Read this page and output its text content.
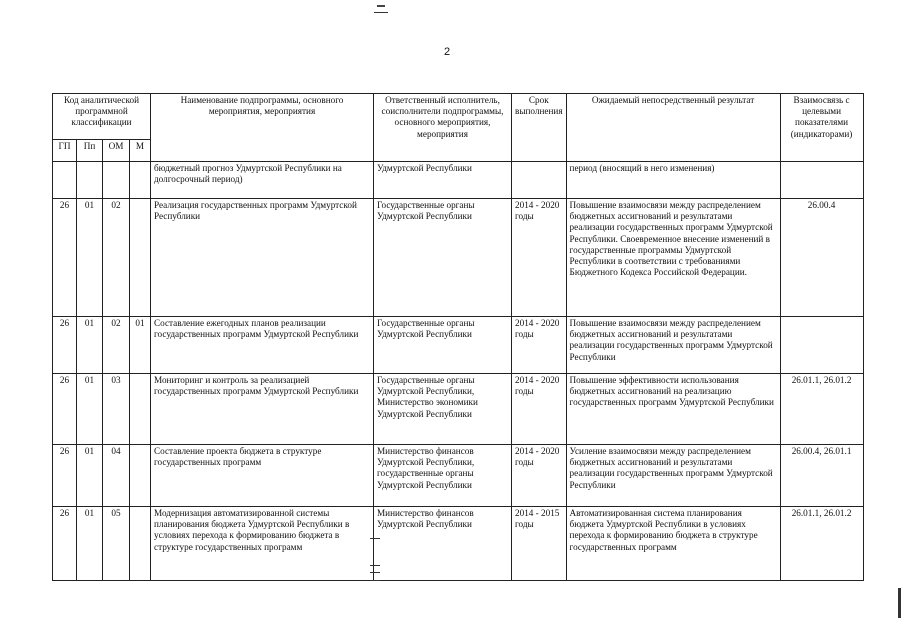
2
Код аналитической программной классификации				Наименование подпрограммы, основного мероприятия, мероприятия	Ответственный исполнитель, соисполнители подпрограммы, основного мероприятия, мероприятия	Срок выполнения	Ожидаемый непосредственный результат	Взаимосвязь с целевыми показателями (индикаторами)
ГП	Пп	ОМ	М					
				бюджетный прогноз Удмуртской Республики на долгосрочный период)	Удмуртской Республики		период (вносящий в него изменения)	
26	01	02		Реализация государственных программ Удмуртской Республики	Государственные органы Удмуртской Республики	2014 - 2020 годы	Повышение взаимосвязи между распределением бюджетных ассигнований и результатами реализации государственных программ Удмуртской Республики. Своевременное внесение изменений в государственные программы Удмуртской Республики в соответствии с требованиями Бюджетного Кодекса Российской Федерации.	26.00.4
26	01	02	01	Составление ежегодных планов реализации государственных программ Удмуртской Республики	Государственные органы Удмуртской Республики	2014 - 2020 годы	Повышение взаимосвязи между распределением бюджетных ассигнований и результатами реализации государственных программ Удмуртской Республики	
26	01	03		Мониторинг и контроль за реализацией государственных программ Удмуртской Республики	Государственные органы Удмуртской Республики, Министерство экономики Удмуртской Республики	2014 - 2020 годы	Повышение эффективности использования бюджетных ассигнований на реализацию государственных программ Удмуртской Республики	26.01.1, 26.01.2
26	01	04		Составление проекта бюджета в структуре государственных программ	Министерство финансов Удмуртской Республики, государственные органы Удмуртской Республики	2014 - 2020 годы	Усиление взаимосвязи между распределением бюджетных ассигнований и результатами реализации государственных программ Удмуртской Республики	26.00.4, 26.01.1
26	01	05		Модернизация автоматизированной системы планирования бюджета Удмуртской Республики в условиях перехода к формированию бюджета в структуре государственных программ	Министерство финансов Удмуртской Республики	2014 - 2015 годы	Автоматизированная система планирования бюджета Удмуртской Республики в условиях перехода к формированию бюджета в структуре государственных программ	26.01.1, 26.01.2
